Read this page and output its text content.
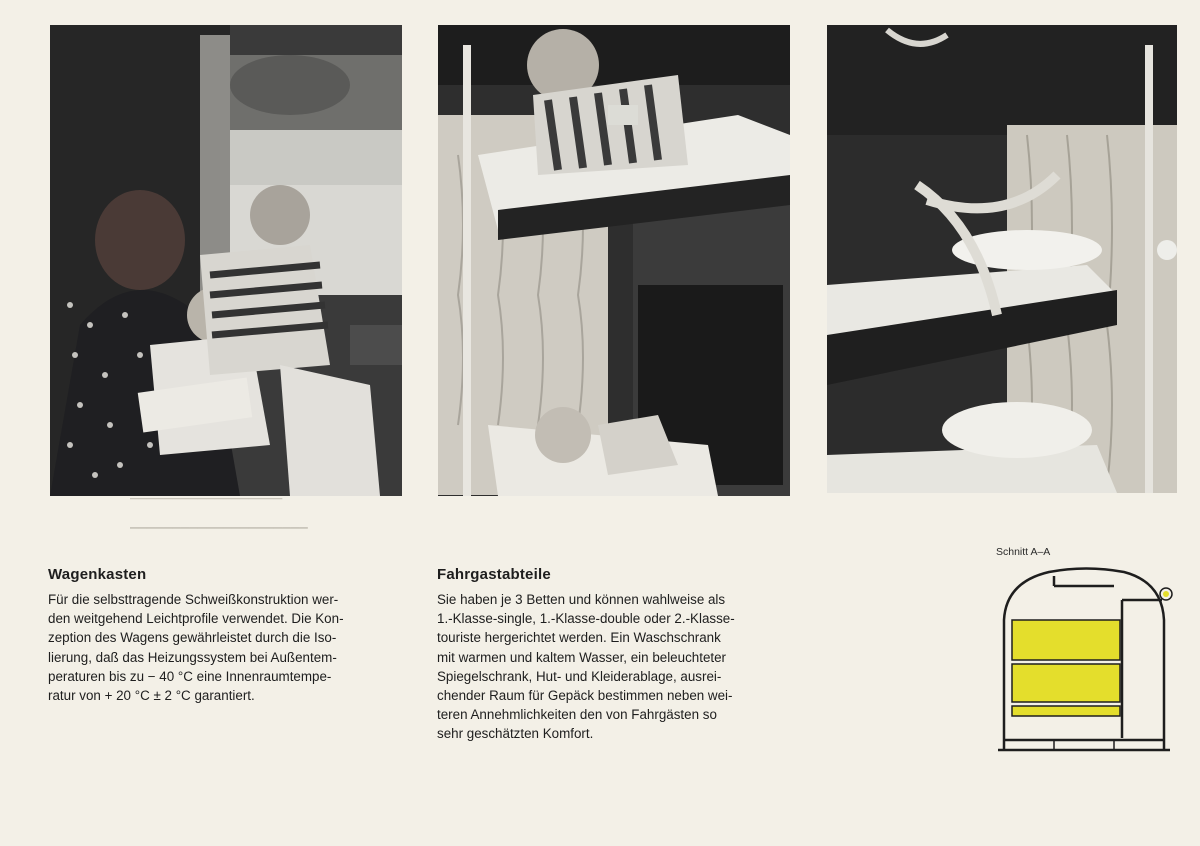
▔▔▔▔▔▔▔▔▔▔▔▔▔▔▔▔▔▔
▁▁▁▁▁▁▁▁▁▁▁▁▁▁▁▁▁▁▁▁▁
Wagenkasten

Für die selbsttragende Schweißkonstruktion wer-
den weitgehend Leichtprofile verwendet. Die Kon-
zeption des Wagens gewährleistet durch die Iso-
lierung, daß das Heizungssystem bei Außentem-
peraturen bis zu − 40 °C eine Innenraumtempe-
ratur von + 20 °C ± 2 °C garantiert.

Fahrgastabteile

Sie haben je 3 Betten und können wahlweise als
1.-Klasse-single, 1.-Klasse-double oder 2.-Klasse-
touriste hergerichtet werden. Ein Waschschrank
mit warmen und kaltem Wasser, ein beleuchteter
Spiegelschrank, Hut- und Kleiderablage, ausrei-
chender Raum für Gepäck bestimmen neben wei-
teren Annehmlichkeiten den von Fahrgästen so
sehr geschätzten Komfort.

Schnitt A–A
